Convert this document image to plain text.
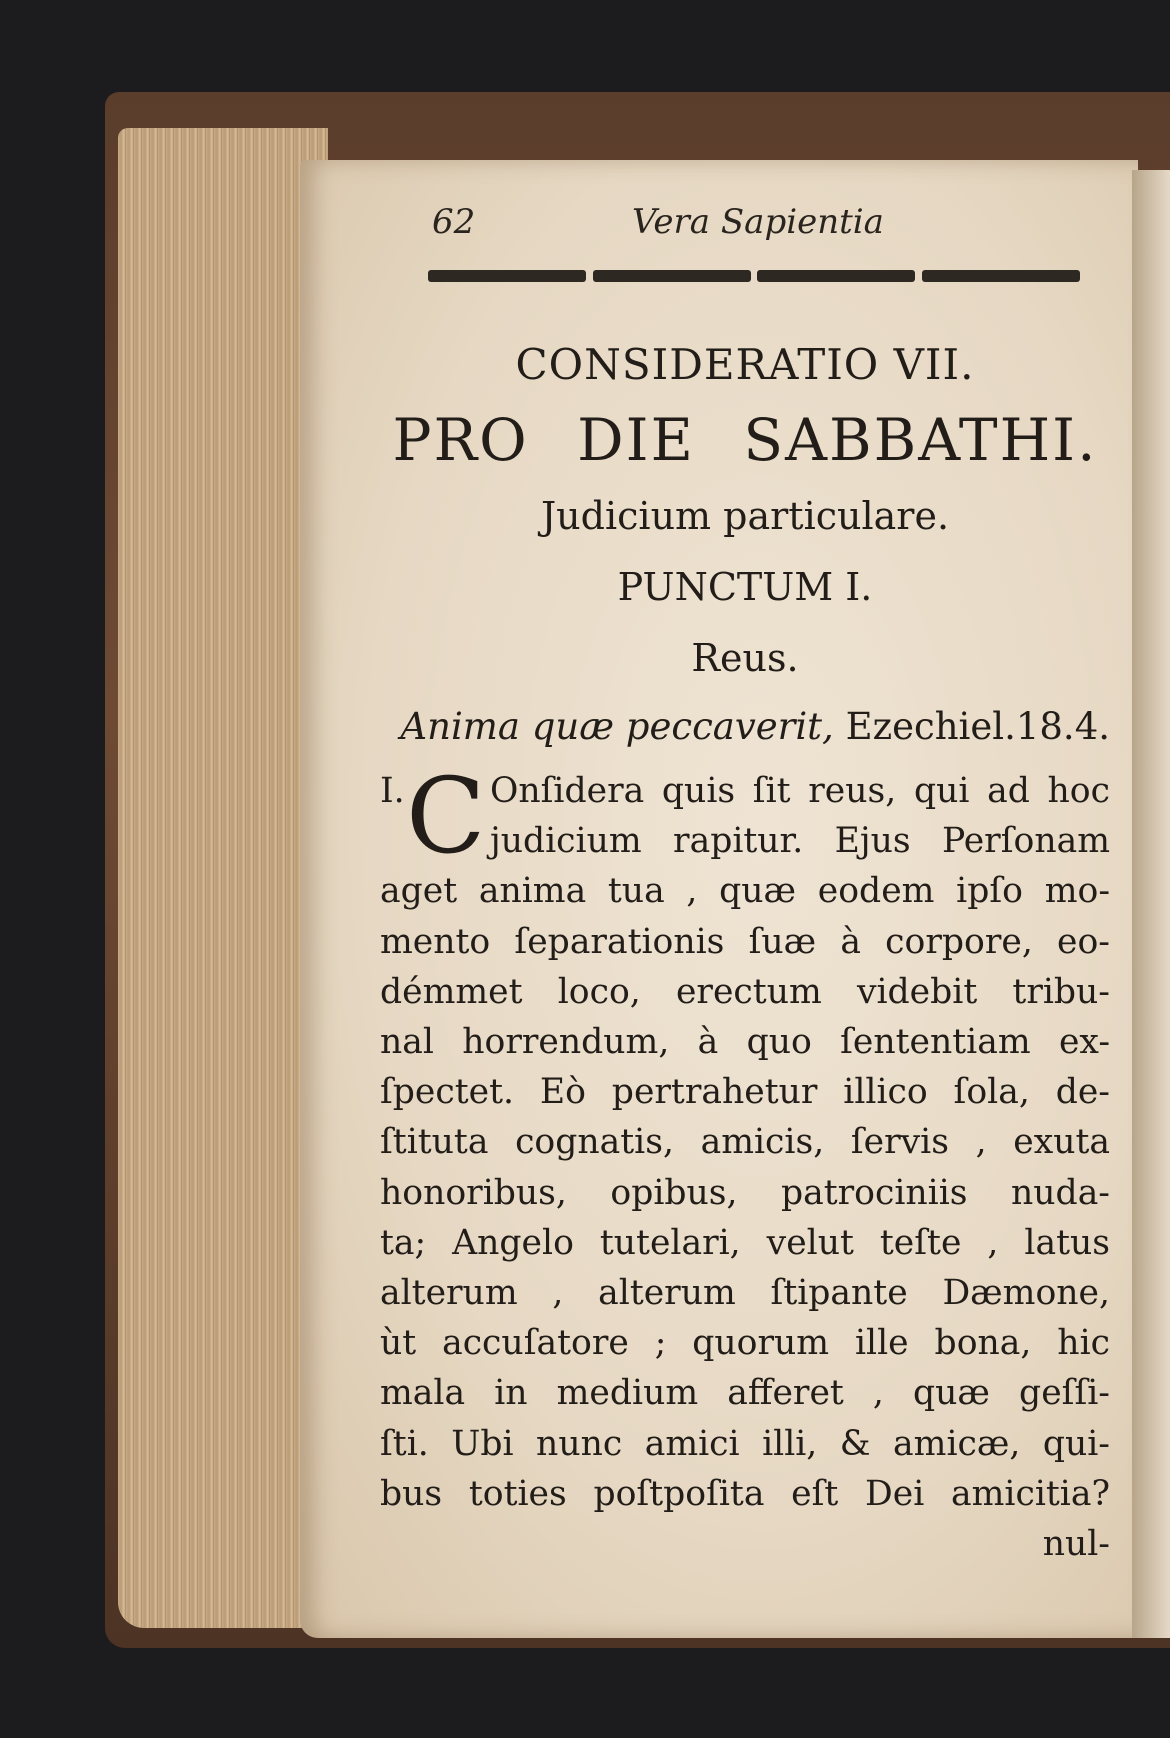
62	Vera Sapientia
CONSIDERATIO VII.
PRO DIE SABBATHI.
Judicium particulare.
PUNCTUM I.
Reus.
Anima quæ peccaverit, Ezechiel.18.4.
I. C Onſidera quis ſit reus, qui ad hoc
judicium rapitur. Ejus Perſonam
aget anima tua , quæ eodem ipſo mo-
mento ſeparationis ſuæ à corpore, eo-
démmet loco, erectum videbit tribu-
nal horrendum, à quo ſententiam ex-
ſpectet. Eò pertrahetur illico ſola, de-
ſtituta cognatis, amicis, ſervis , exuta
honoribus, opibus, patrociniis nuda-
ta; Angelo tutelari, velut teſte , latus
alterum , alterum ſtipante Dæmone,
ùt accuſatore ; quorum ille bona, hic
mala in medium afferet , quæ geſſi-
ſti. Ubi nunc amici illi, & amicæ, qui-
bus toties poſtpoſita eſt Dei amicitia?
nul-
